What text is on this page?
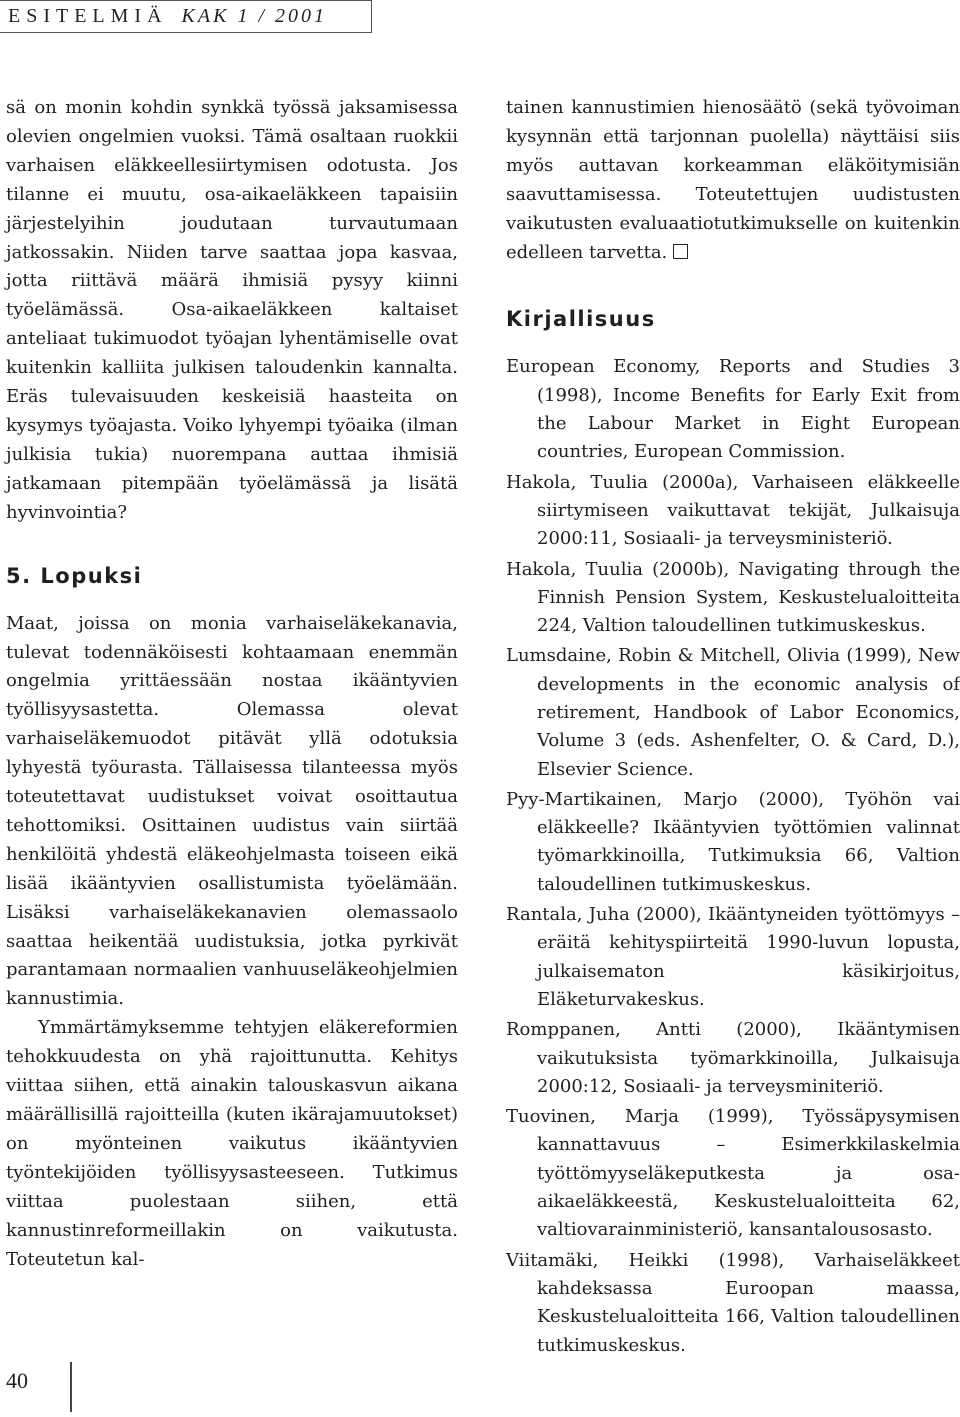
ESITELMIÄ KAK 1 / 2001

sä on monin kohdin synkkä työssä jaksamisessa olevien ongelmien vuoksi. Tämä osaltaan ruokkii varhaisen eläkkeellesiirtymisen odotusta. Jos tilanne ei muutu, osa-aikaeläkkeen tapaisiin järjestelyihin joudutaan turvautumaan jatkossakin. Niiden tarve saattaa jopa kasvaa, jotta riittävä määrä ihmisiä pysyy kiinni työelämässä. Osa-aikaeläkkeen kaltaiset anteliaat tukimuodot työajan lyhentämiselle ovat kuitenkin kalliita julkisen taloudenkin kannalta. Eräs tulevaisuuden keskeisiä haasteita on kysymys työajasta. Voiko lyhyempi työaika (ilman julkisia tukia) nuorempana auttaa ihmisiä jatkamaan pitempään työelämässä ja lisätä hyvinvointia?

5. Lopuksi

Maat, joissa on monia varhaiseläkekanavia, tulevat todennäköisesti kohtaamaan enemmän ongelmia yrittäessään nostaa ikääntyvien työllisyysastetta. Olemassa olevat varhaiseläkemuodot pitävät yllä odotuksia lyhyestä työurasta. Tällaisessa tilanteessa myös toteutettavat uudistukset voivat osoittautua tehottomiksi. Osittainen uudistus vain siirtää henkilöitä yhdestä eläkeohjelmasta toiseen eikä lisää ikääntyvien osallistumista työelämään. Lisäksi varhaiseläkekanavien olemassaolo saattaa heikentää uudistuksia, jotka pyrkivät parantamaan normaalien vanhuuseläkeohjelmien kannustimia.

Ymmärtämyksemme tehtyjen eläkereformien tehokkuudesta on yhä rajoittunutta. Kehitys viittaa siihen, että ainakin talouskasvun aikana määrällisillä rajoitteilla (kuten ikärajamuutokset) on myönteinen vaikutus ikääntyvien työntekijöiden työllisyysasteeseen. Tutkimus viittaa puolestaan siihen, että kannustinreformeillakin on vaikutusta. Toteutetun kal-

tainen kannustimien hienosäätö (sekä työvoiman kysynnän että tarjonnan puolella) näyttäisi siis myös auttavan korkeamman eläköitymisiän saavuttamisessa. Toteutettujen uudistusten vaikutusten evaluaatiotutkimukselle on kuitenkin edelleen tarvetta.

Kirjallisuus
European Economy, Reports and Studies 3 (1998), Income Benefits for Early Exit from the Labour Market in Eight European countries, European Commission.
Hakola, Tuulia (2000a), Varhaiseen eläkkeelle siirtymiseen vaikuttavat tekijät, Julkaisuja 2000:11, Sosiaali- ja terveysministeriö.
Hakola, Tuulia (2000b), Navigating through the Finnish Pension System, Keskustelualoitteita 224, Valtion taloudellinen tutkimuskeskus.
Lumsdaine, Robin & Mitchell, Olivia (1999), New developments in the economic analysis of retirement, Handbook of Labor Economics, Volume 3 (eds. Ashenfelter, O. & Card, D.), Elsevier Science.
Pyy-Martikainen, Marjo (2000), Työhön vai eläkkeelle? Ikääntyvien työttömien valinnat työmarkkinoilla, Tutkimuksia 66, Valtion taloudellinen tutkimuskeskus.
Rantala, Juha (2000), Ikääntyneiden työttömyys – eräitä kehityspiirteitä 1990-luvun lopusta, julkaisematon käsikirjoitus, Eläketurvakeskus.
Romppanen, Antti (2000), Ikääntymisen vaikutuksista työmarkkinoilla, Julkaisuja 2000:12, Sosiaali- ja terveysminiteriö.
Tuovinen, Marja (1999), Työssäpysymisen kannattavuus – Esimerkkilaskelmia työttömyyseläkeputkesta ja osa-aikaeläkkeestä, Keskustelualoitteita 62, valtiovarainministeriö, kansantalousosasto.
Viitamäki, Heikki (1998), Varhaiseläkkeet kahdeksassa Euroopan maassa, Keskustelualoitteita 166, Valtion taloudellinen tutkimuskeskus.
40
